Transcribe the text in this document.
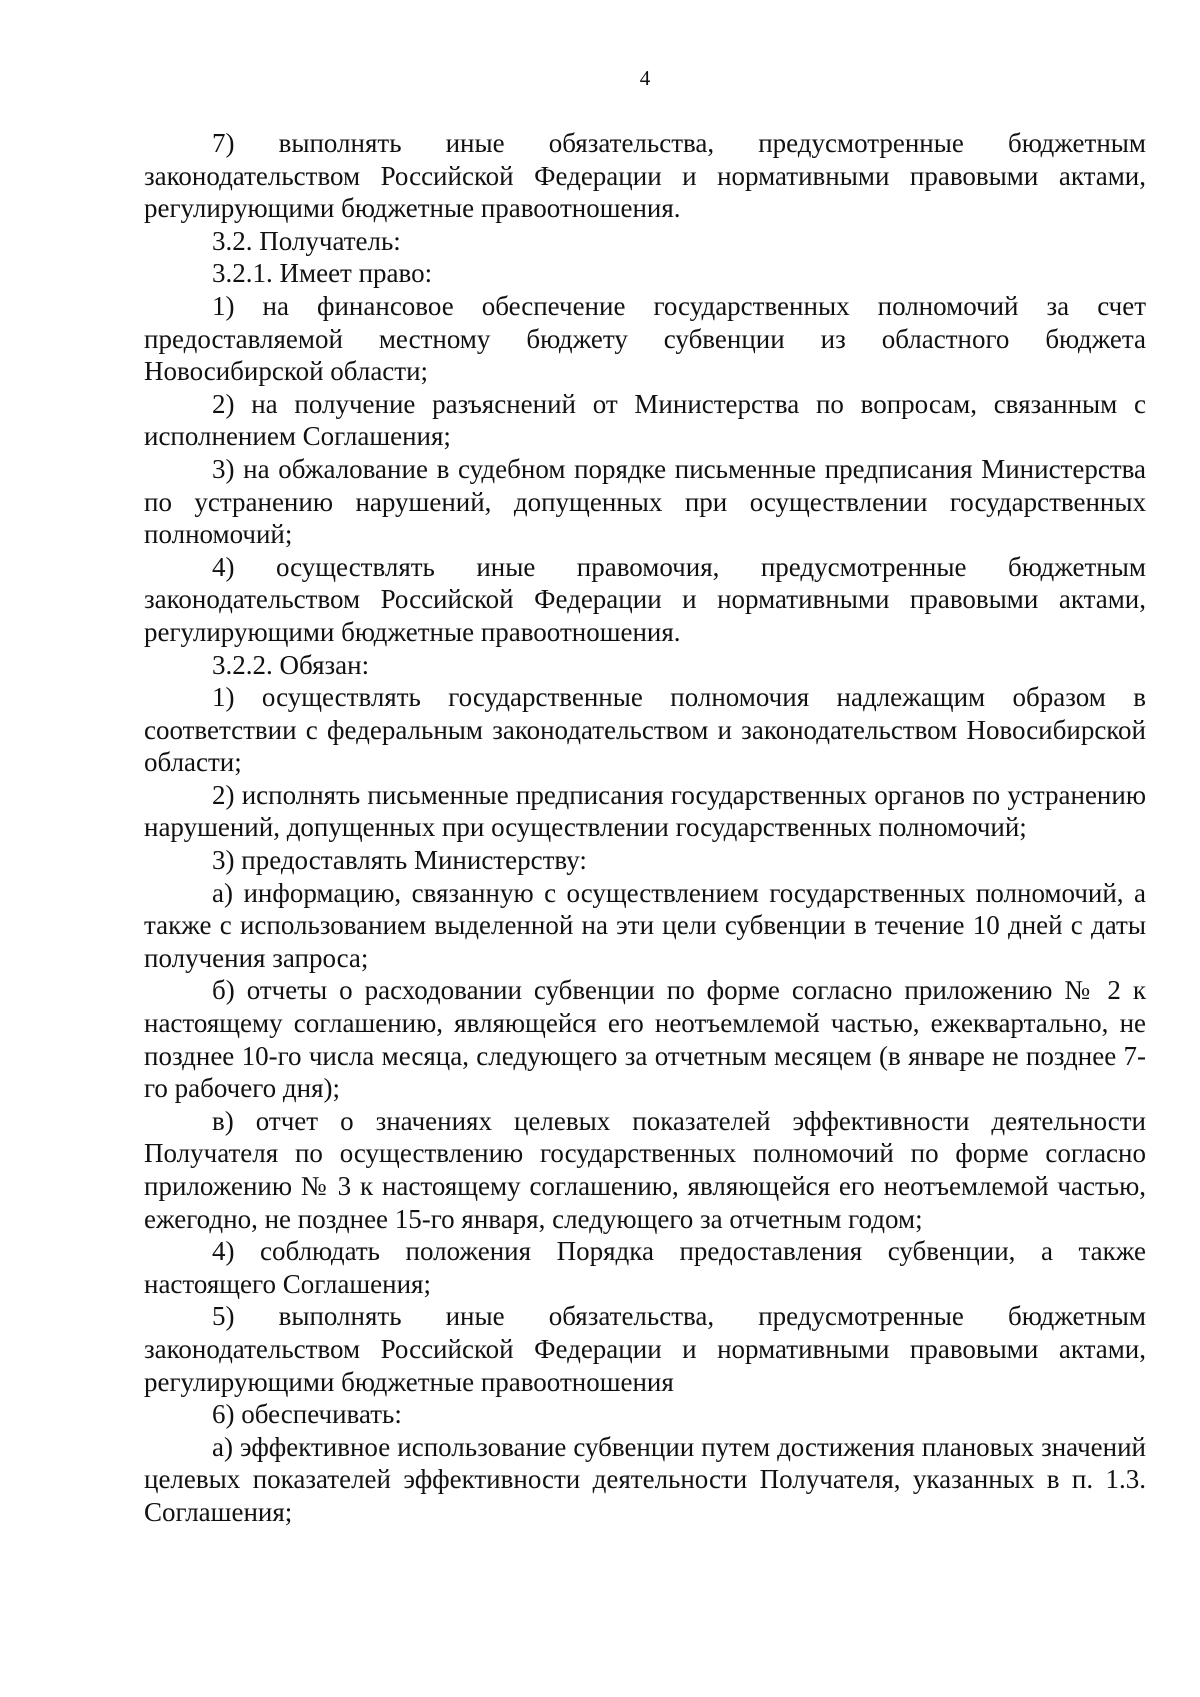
4

7) выполнять иные обязательства, предусмотренные бюджетным законодательством Российской Федерации и нормативными правовыми актами, регулирующими бюджетные правоотношения.

3.2. Получатель:

3.2.1. Имеет право:

1) на финансовое обеспечение государственных полномочий за счет предоставляемой местному бюджету субвенции из областного бюджета Новосибирской области;

2) на получение разъяснений от Министерства по вопросам, связанным с исполнением Соглашения;

3) на обжалование в судебном порядке письменные предписания Министерства по устранению нарушений, допущенных при осуществлении государственных полномочий;

4) осуществлять иные правомочия, предусмотренные бюджетным законодательством Российской Федерации и нормативными правовыми актами, регулирующими бюджетные правоотношения.

3.2.2. Обязан:

1) осуществлять государственные полномочия надлежащим образом в соответствии с федеральным законодательством и законодательством Новосибирской области;

2) исполнять письменные предписания государственных органов по устранению нарушений, допущенных при осуществлении государственных полномочий;

3) предоставлять Министерству:

а) информацию, связанную с осуществлением государственных полномочий, а также с использованием выделенной на эти цели субвенции в течение 10 дней с даты получения запроса;

б) отчеты о расходовании субвенции по форме согласно приложению № 2 к настоящему соглашению, являющейся его неотъемлемой частью, ежеквартально, не позднее 10-го числа месяца, следующего за отчетным месяцем (в январе не позднее 7-го рабочего дня);

в) отчет о значениях целевых показателей эффективности деятельности Получателя по осуществлению государственных полномочий по форме согласно приложению № 3 к настоящему соглашению, являющейся его неотъемлемой частью, ежегодно, не позднее 15-го января, следующего за отчетным годом;

4) соблюдать положения Порядка предоставления субвенции, а также настоящего Соглашения;

5) выполнять иные обязательства, предусмотренные бюджетным законодательством Российской Федерации и нормативными правовыми актами, регулирующими бюджетные правоотношения

6) обеспечивать:

а) эффективное использование субвенции путем достижения плановых значений целевых показателей эффективности деятельности Получателя, указанных в п. 1.3. Соглашения;
